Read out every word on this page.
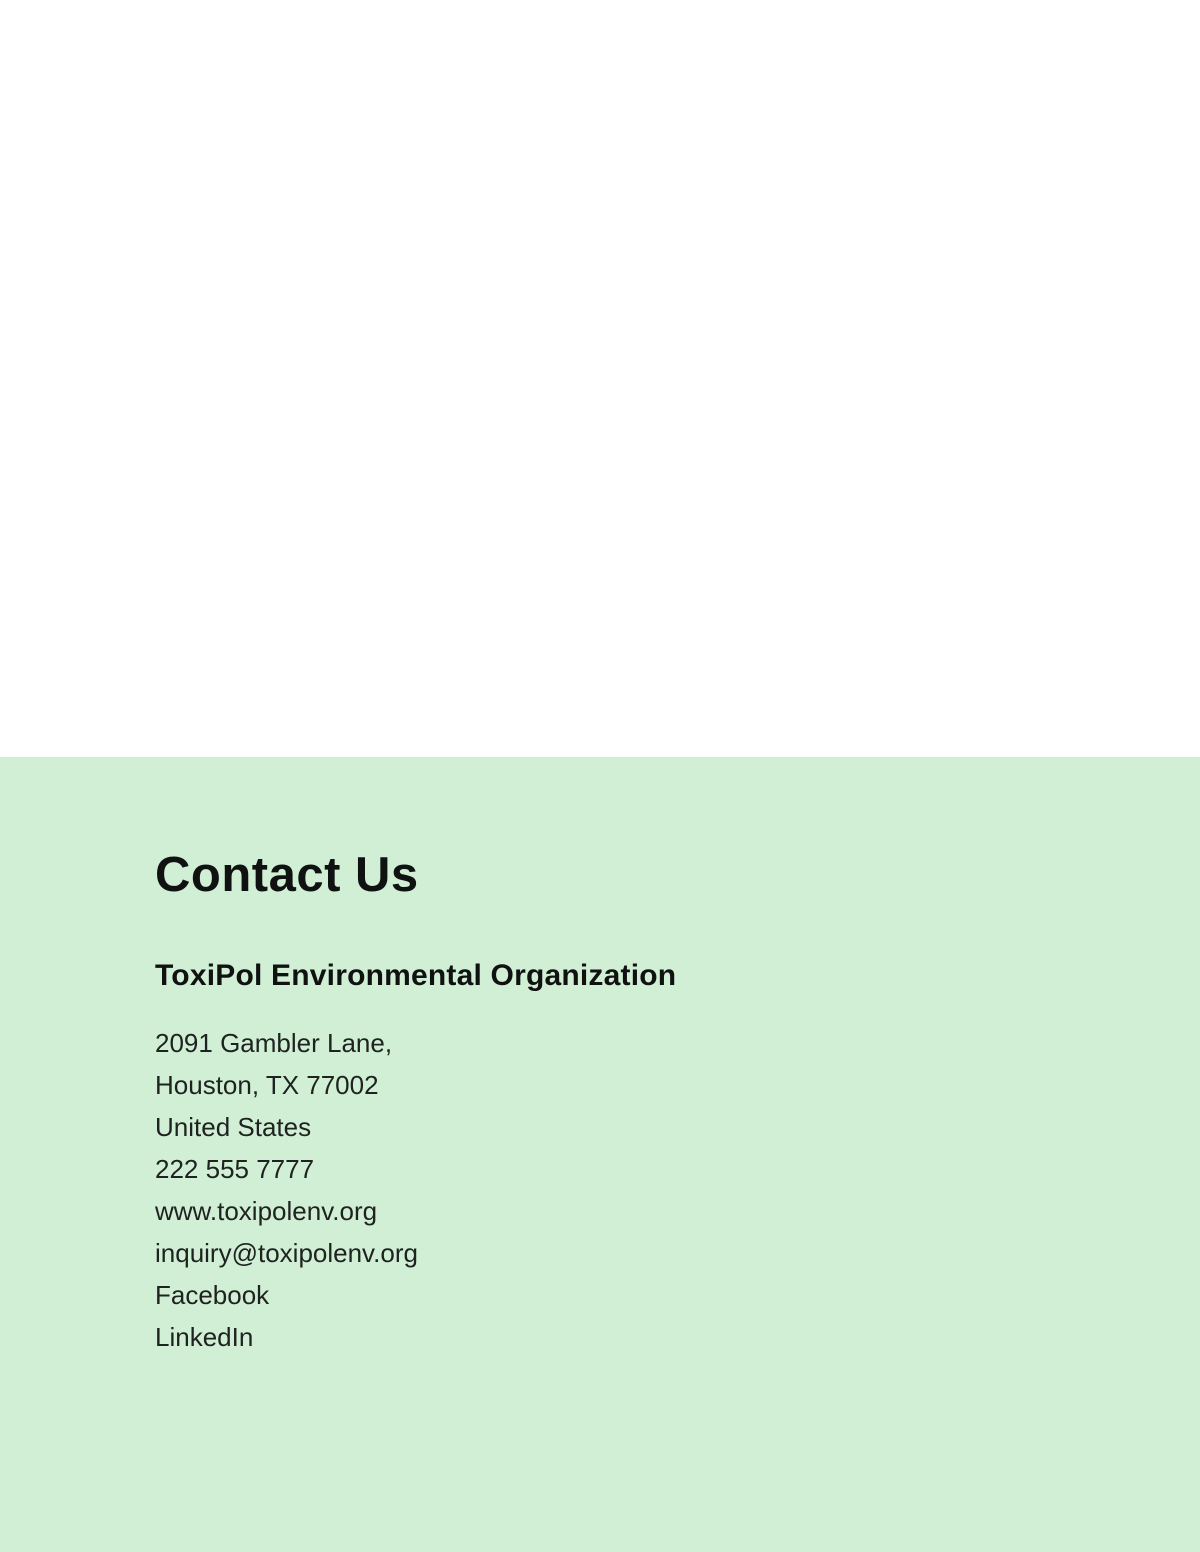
Contact Us
ToxiPol Environmental Organization

2091 Gambler Lane,

Houston, TX 77002

United States

222 555 7777

www.toxipolenv.org

inquiry@toxipolenv.org

Facebook

LinkedIn
